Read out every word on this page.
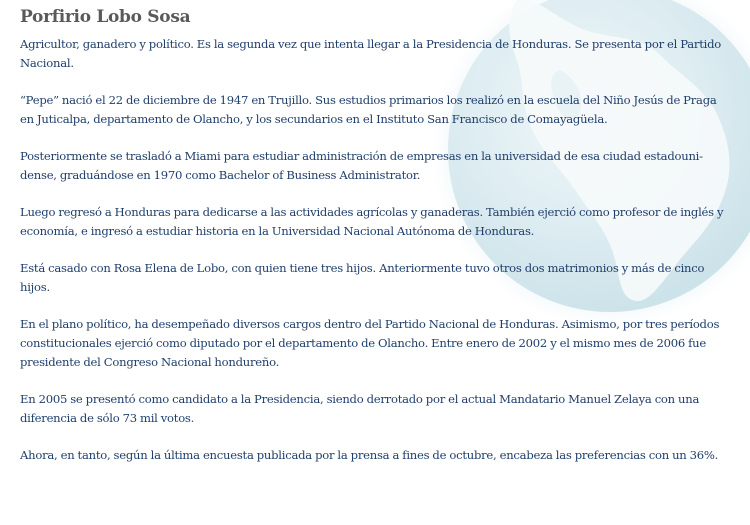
Porfirio Lobo Sosa

Agricultor, ganadero y político. Es la segunda vez que intenta llegar a la Presidencia de Honduras. Se presenta por el Partido Nacional.

“Pepe” nació el 22 de diciembre de 1947 en Trujillo. Sus estudios primarios los realizó en la escuela del Niño Jesús de Praga en Juticalpa, departamento de Olancho, y los secundarios en el Instituto San Francisco de Comayagüela.

Posteriormente se trasladó a Miami para estudiar administración de empresas en la universidad de esa ciudad estadounidense, graduándose en 1970 como Bachelor of Business Administrator.

Luego regresó a Honduras para dedicarse a las actividades agrícolas y ganaderas. También ejerció como profesor de inglés y economía, e ingresó a estudiar historia en la Universidad Nacional Autónoma de Honduras.

Está casado con Rosa Elena de Lobo, con quien tiene tres hijos. Anteriormente tuvo otros dos matrimonios y más de cinco hijos.

En el plano político, ha desempeñado diversos cargos dentro del Partido Nacional de Honduras. Asimismo, por tres períodos constitucionales ejerció como diputado por el departamento de Olancho. Entre enero de 2002 y el mismo mes de 2006 fue presidente del Congreso Nacional hondureño.

En 2005 se presentó como candidato a la Presidencia, siendo derrotado por el actual Mandatario Manuel Zelaya con una diferencia de sólo 73 mil votos.

Ahora, en tanto, según la última encuesta publicada por la prensa a fines de octubre, encabeza las preferencias con un 36%.
